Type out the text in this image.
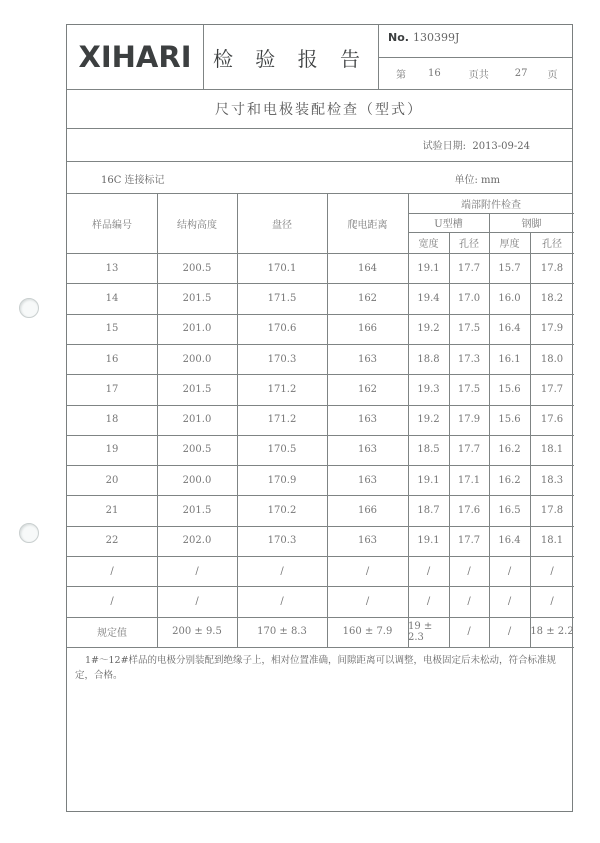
XIHARI	检 验 报 告
No. 130399J
第 16	页共	27 页
尺寸和电极装配检查（型式）
试验日期: 2013-09-24
16C 连接标记	单位: mm
样品编号	结构高度	盘径	爬电距离
端部附件检查
U型槽	钢脚
宽度	孔径	厚度	孔径
13	200.5	170.1	164	19.1	17.7	15.7	17.8
14	201.5	171.5	162	19.4	17.0	16.0	18.2
15	201.0	170.6	166	19.2	17.5	16.4	17.9
16	200.0	170.3	163	18.8	17.3	16.1	18.0
17	201.5	171.2	162	19.3	17.5	15.6	17.7
18	201.0	171.2	163	19.2	17.9	15.6	17.6
19	200.5	170.5	163	18.5	17.7	16.2	18.1
20	200.0	170.9	163	19.1	17.1	16.2	18.3
21	201.5	170.2	166	18.7	17.6	16.5	17.8
22	202.0	170.3	163	19.1	17.7	16.4	18.1
/	/	/	/	/	/	/	/
/	/	/	/	/	/	/	/
规定值	200 ± 9.5	170 ± 8.3	160 ± 7.9	19 ± 2.3	/	/	18 ± 2.2
1#～12#样品的电极分别装配到绝缘子上，相对位置准确，间隙距离可以调整，电极固定后未松动，符合标准规定，合格。
